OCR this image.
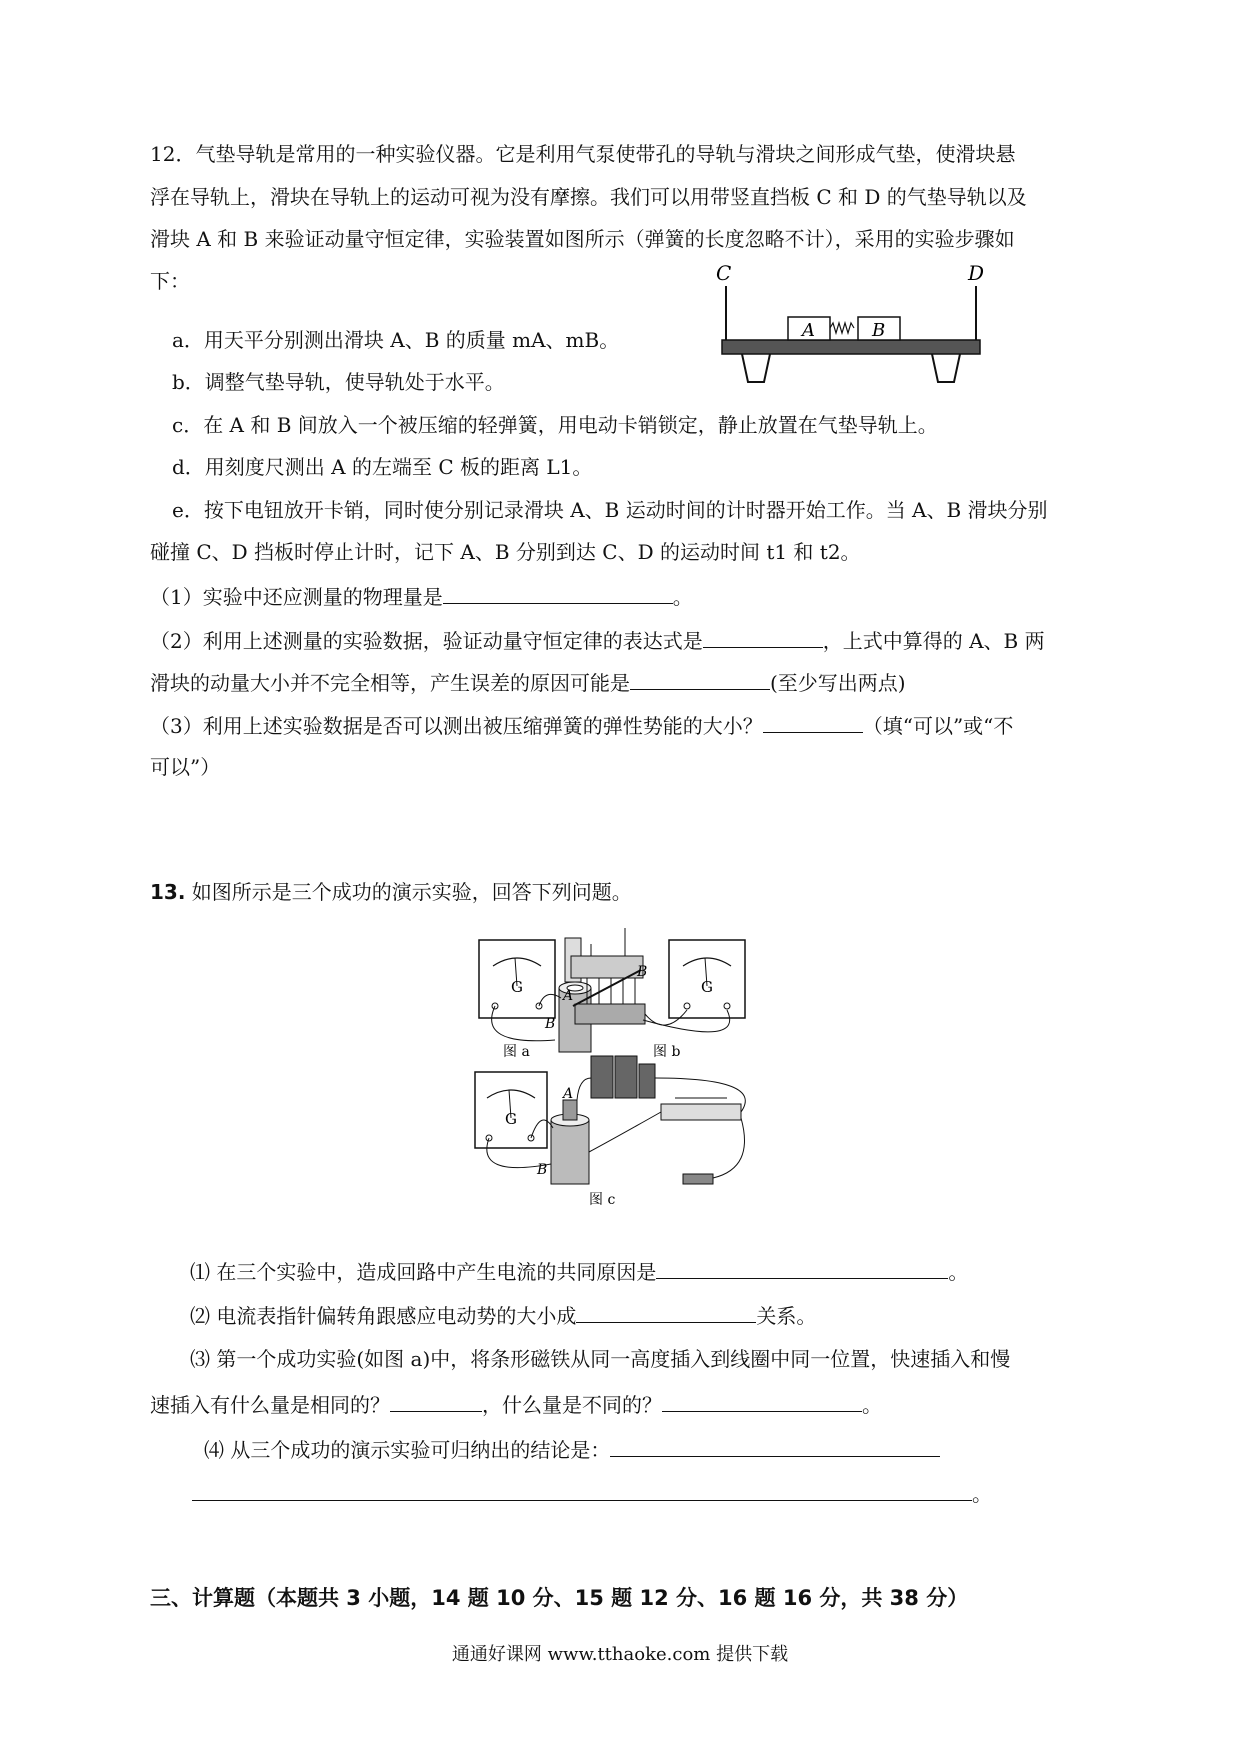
12．气垫导轨是常用的一种实验仪器。它是利用气泵使带孔的导轨与滑块之间形成气垫，使滑块悬
浮在导轨上，滑块在导轨上的运动可视为没有摩擦。我们可以用带竖直挡板 C 和 D 的气垫导轨以及
滑块 A 和 B 来验证动量守恒定律，实验装置如图所示（弹簧的长度忽略不计），采用的实验步骤如
下：	C	D
A	B
a．用天平分别测出滑块 A、B 的质量 mA、mB。
b．调整气垫导轨，使导轨处于水平。
c．在 A 和 B 间放入一个被压缩的轻弹簧，用电动卡销锁定，静止放置在气垫导轨上。
d．用刻度尺测出 A 的左端至 C 板的距离 L1。
e．按下电钮放开卡销，同时使分别记录滑块 A、B 运动时间的计时器开始工作。当 A、B 滑块分别
碰撞 C、D 挡板时停止计时，记下 A、B 分别到达 C、D 的运动时间 t1 和 t2。
（1）实验中还应测量的物理量是	。
（2）利用上述测量的实验数据，验证动量守恒定律的表达式是	，上式中算得的 A、B 两
滑块的动量大小并不完全相等，产生误差的原因可能是	(至少写出两点)
（3）利用上述实验数据是否可以测出被压缩弹簧的弹性势能的大小？	（填“可以”或“不
可以”）
13. 如图所示是三个成功的演示实验，回答下列问题。
G
B
图 a
A
B
G
图 b
G
A
B
图 c
⑴ 在三个实验中，造成回路中产生电流的共同原因是	。
⑵ 电流表指针偏转角跟感应电动势的大小成	关系。
⑶ 第一个成功实验(如图 a)中，将条形磁铁从同一高度插入到线圈中同一位置，快速插入和慢
速插入有什么量是相同的？	，什么量是不同的？	。
⑷ 从三个成功的演示实验可归纳出的结论是：
。
三、计算题（本题共 3 小题，14 题 10 分、15 题 12 分、16 题 16 分，共 38 分）
通通好课网 www.tthaoke.com 提供下载
